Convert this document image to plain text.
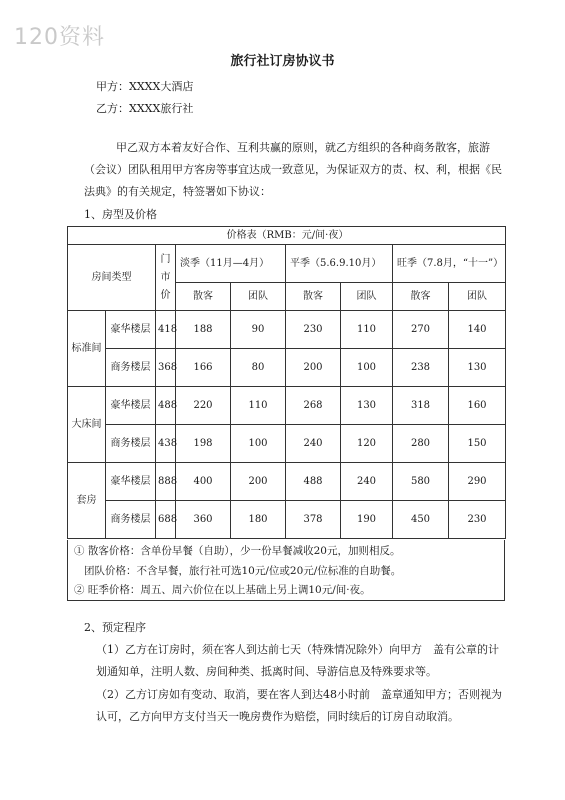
120资料
旅行社订房协议书
甲方：XXXX大酒店
乙方：XXXX旅行社

甲乙双方本着友好合作、互利共赢的原则，就乙方组织的各种商务散客，旅游（会议）团队租用甲方客房等事宜达成一致意见，为保证双方的责、权、利，根据《民法典》的有关规定，特签署如下协议：

1、房型及价格
价格表（RMB：元/间·夜）								
房间类型		门市价	淡季（11月—4月）		平季（5.6.9.10月）		旺季（7.8月，“十一”）	
			散客	团队	散客	团队	散客	团队
标准间	豪华楼层	418	188	90	230	110	270	140
	商务楼层	368	166	80	200	100	238	130
大床间	豪华楼层	488	220	110	268	130	318	160
	商务楼层	438	198	100	240	120	280	150
套房	豪华楼层	888	400	200	488	240	580	290
	商务楼层	688	360	180	378	190	450	230
① 散客价格：含单份早餐（自助），少一份早餐减收20元，加则相反。
团队价格：不含早餐，旅行社可选10元/位或20元/位标准的自助餐。
② 旺季价格：周五、周六价位在以上基础上另上调10元/间·夜。
2、预定程序

（1）乙方在订房时，须在客人到达前七天（特殊情况除外）向甲方　盖有公章的计划通知单，注明人数、房间种类、抵离时间、导游信息及特殊要求等。

（2）乙方订房如有变动、取消，要在客人到达48小时前　盖章通知甲方；否则视为认可，乙方向甲方支付当天一晚房费作为赔偿，同时续后的订房自动取消。
